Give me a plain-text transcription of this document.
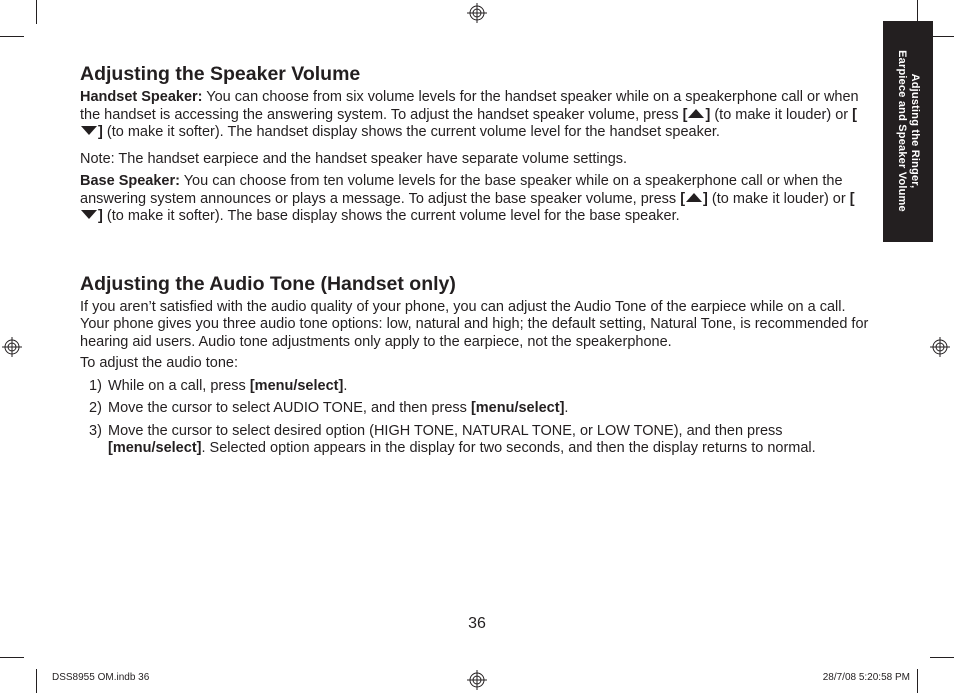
Adjusting the Ringer,
Earpiece and Speaker Volume
Adjusting the Speaker Volume

Handset Speaker: You can choose from six volume levels for the handset speaker while on a speakerphone call or when the handset is accessing the answering system. To adjust the handset speaker volume, press [ ] (to make it louder) or [] (to make it softer). The handset display shows the current volume level for the handset speaker.

Note: The handset earpiece and the handset speaker have separate volume settings.

Base Speaker: You can choose from ten volume levels for the base speaker while on a speakerphone call or when the answering system announces or plays a message. To adjust the base speaker volume, press [ ] (to make it louder) or [] (to make it softer). The base display shows the current volume level for the base speaker.

Adjusting the Audio Tone (Handset only)

If you aren’t satisfied with the audio quality of your phone, you can adjust the Audio Tone of the earpiece while on a call. Your phone gives you three audio tone options: low, natural and high; the default setting, Natural Tone, is recommended for hearing aid users. Audio tone adjustments only apply to the earpiece, not the speakerphone.

To adjust the audio tone:

1) While on a call, press [menu/select].
2) Move the cursor to select AUDIO TONE, and then press [menu/select].
3) Move the cursor to select desired option (HIGH TONE, NATURAL TONE, or LOW TONE), and then press [menu/select]. Selected option appears in the display for two seconds, and then the display returns to normal.
36
DSS8955 OM.indb 36	28/7/08 5:20:58 PM
